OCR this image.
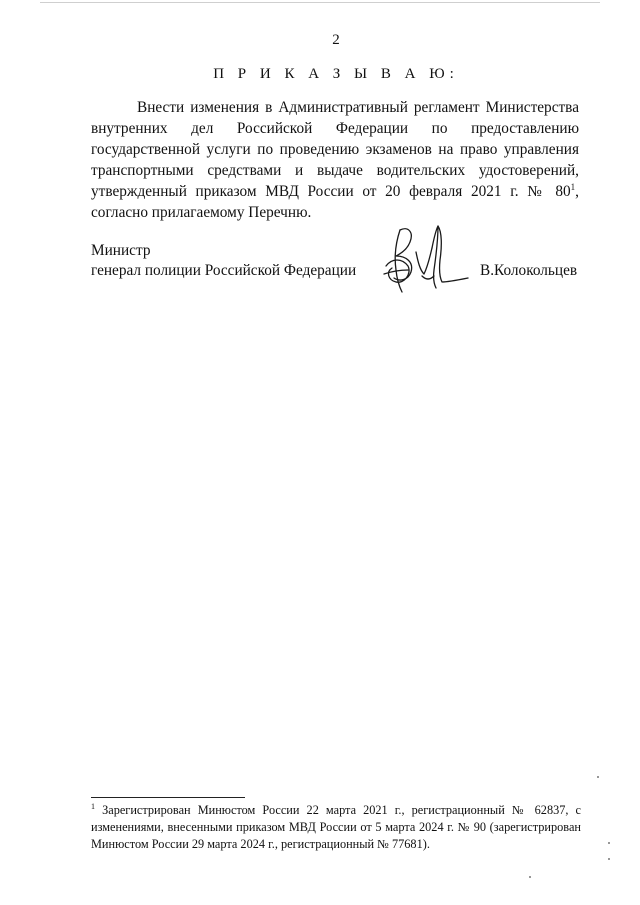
2
П Р И К А З Ы В А Ю:

Внести изменения в Административный регламент Министерства внутренних дел Российской Федерации по предоставлению государственной услуги по проведению экзаменов на право управления транспортными средствами и выдаче водительских удостоверений, утвержденный приказом МВД России от 20 февраля 2021 г. № $80^1$, согласно прилагаемому Перечню.

Министр
генерал полиции Российской Федерации	В.Колокольцев

$^1$ Зарегистрирован Минюстом России 22 марта 2021 г., регистрационный № 62837, с изменениями, внесенными приказом МВД России от 5 марта 2024 г. № 90 (зарегистрирован Минюстом России 29 марта 2024 г., регистрационный № 77681).
